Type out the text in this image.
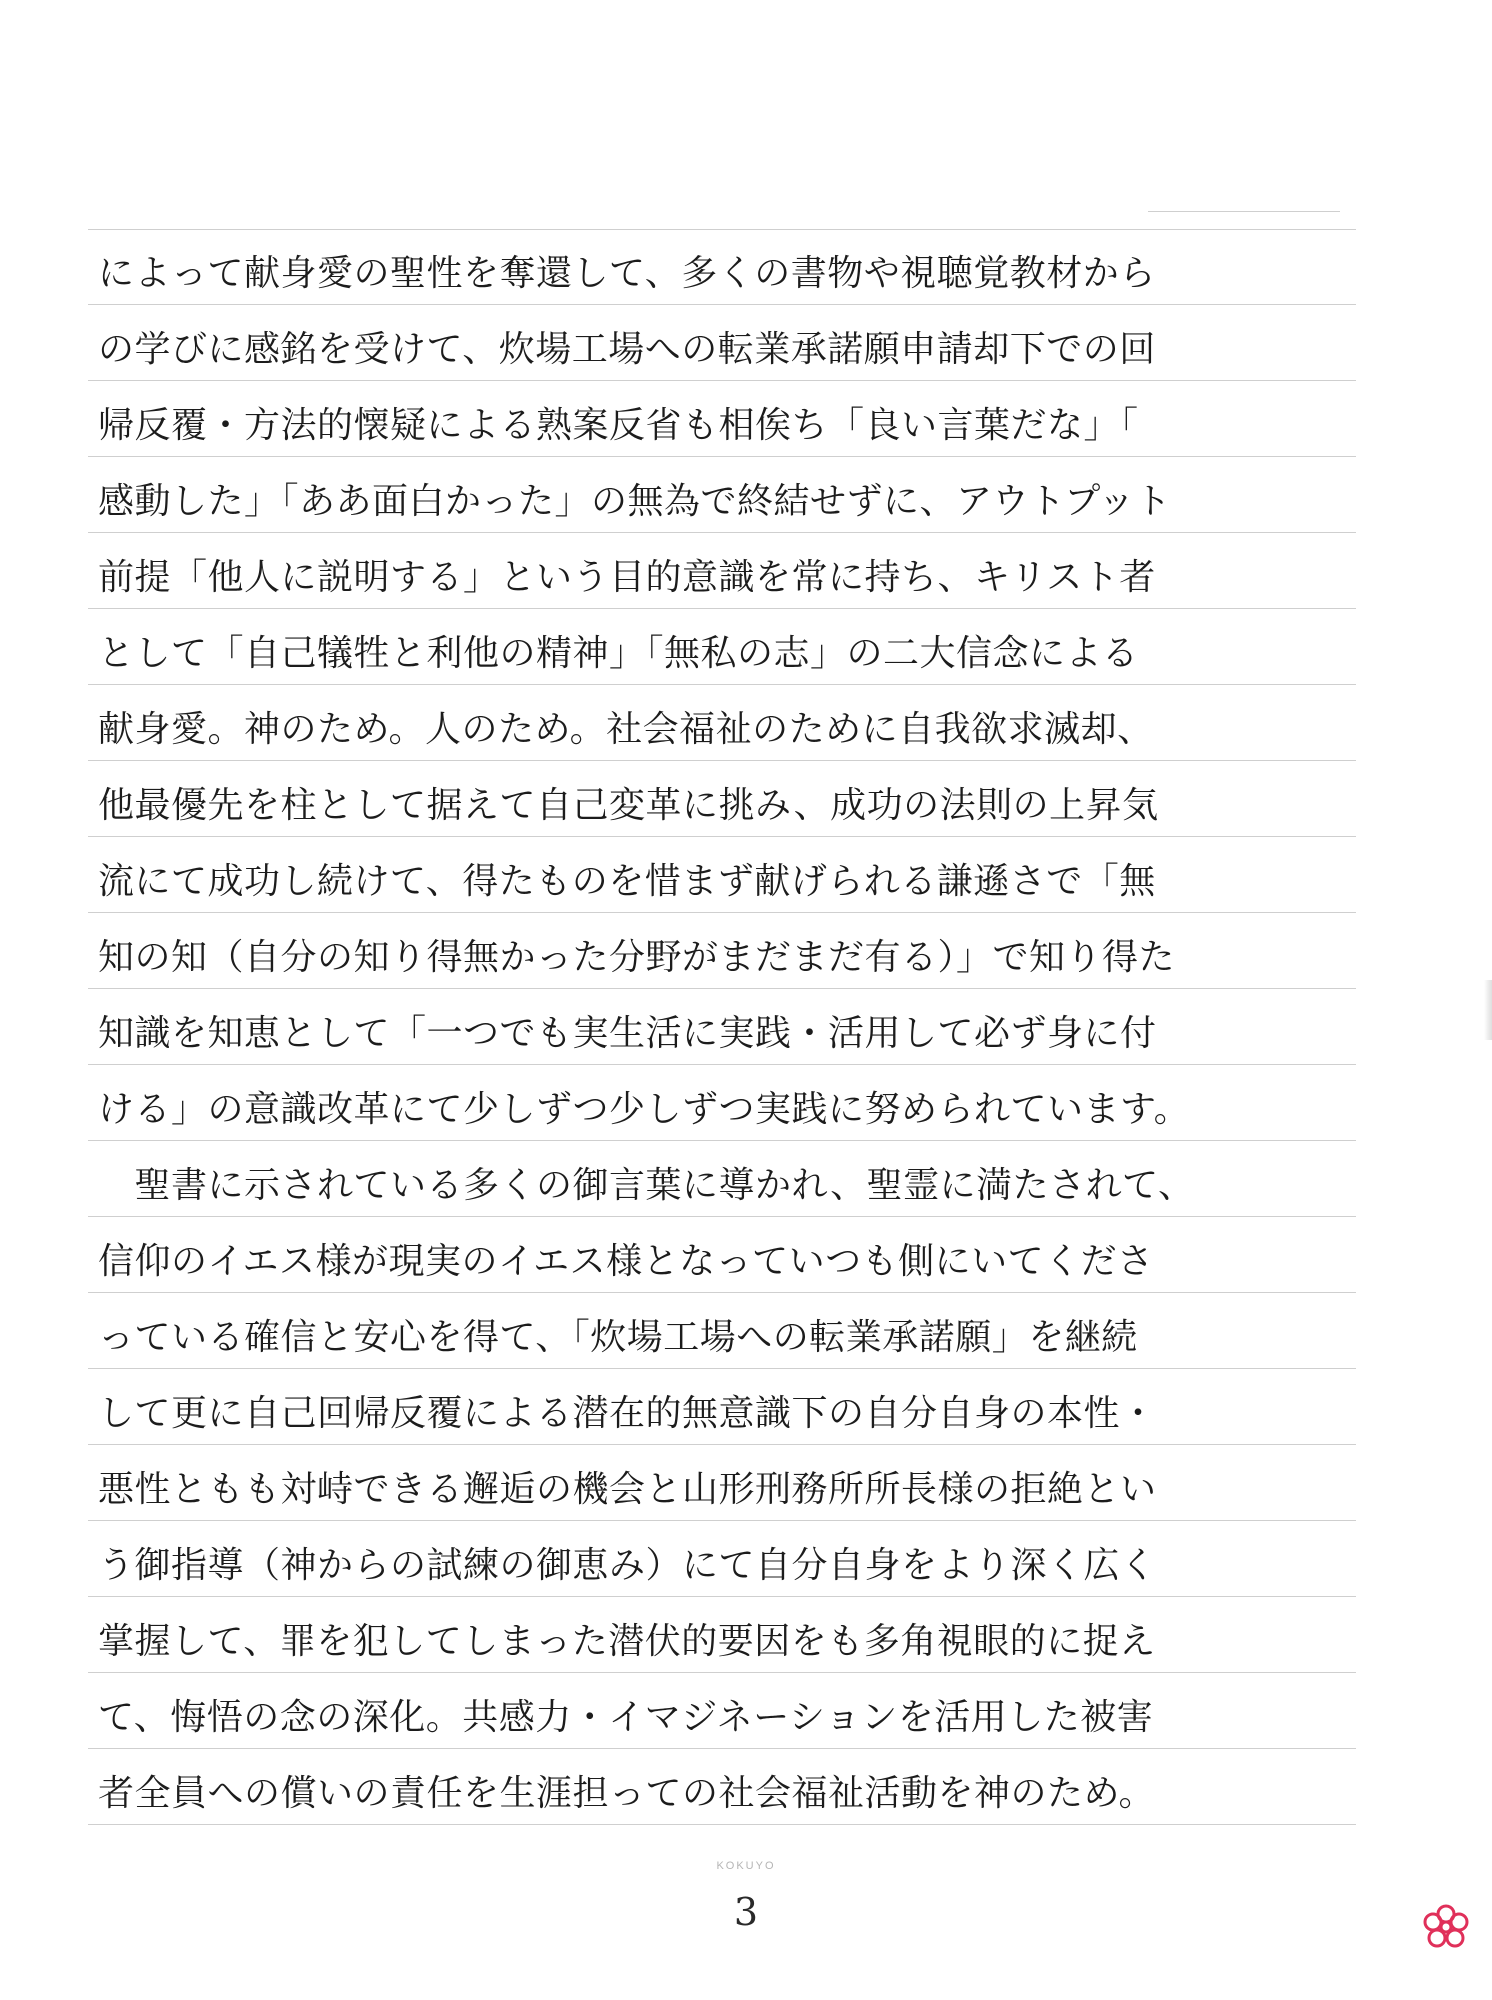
によって献身愛の聖性を奪還して、多くの書物や視聴覚教材から
の学びに感銘を受けて、炊場工場への転業承諾願申請却下での回
帰反覆・方法的懐疑による熟案反省も相俟ち「良い言葉だな」「
感動した」「ああ面白かった」の無為で終結せずに、アウトプット
前提「他人に説明する」という目的意識を常に持ち、キリスト者
として「自己犠牲と利他の精神」「無私の志」の二大信念による
献身愛。神のため。人のため。社会福祉のために自我欲求滅却、
他最優先を柱として据えて自己変革に挑み、成功の法則の上昇気
流にて成功し続けて、得たものを惜まず献げられる謙遜さで「無
知の知（自分の知り得無かった分野がまだまだ有る）」で知り得た
知識を知恵として「一つでも実生活に実践・活用して必ず身に付
ける」の意識改革にて少しずつ少しずつ実践に努められています。
　聖書に示されている多くの御言葉に導かれ、聖霊に満たされて、
信仰のイエス様が現実のイエス様となっていつも側にいてくださ
っている確信と安心を得て、「炊場工場への転業承諾願」を継続
して更に自己回帰反覆による潜在的無意識下の自分自身の本性・
悪性ともも対峙できる邂逅の機会と山形刑務所所長様の拒絶とい
う御指導（神からの試練の御恵み）にて自分自身をより深く広く
掌握して、罪を犯してしまった潜伏的要因をも多角視眼的に捉え
て、悔悟の念の深化。共感力・イマジネーションを活用した被害
者全員への償いの責任を生涯担っての社会福祉活動を神のため。
KOKUYO
3
